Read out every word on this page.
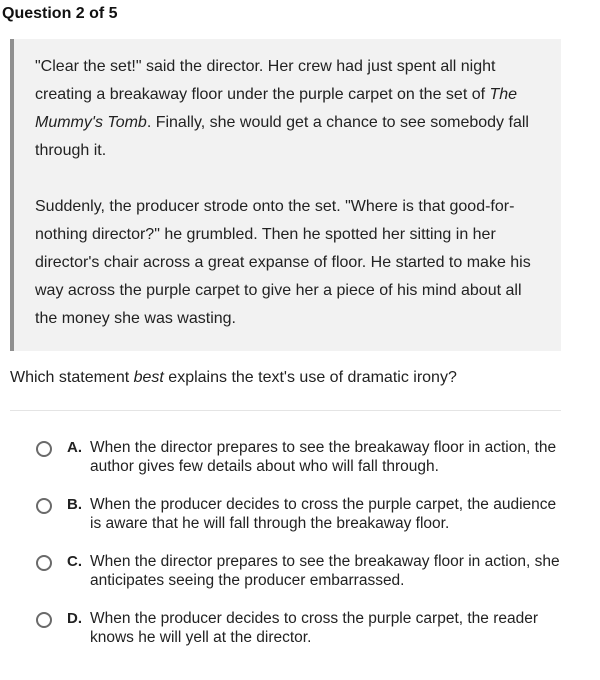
Question 2 of 5

"Clear the set!" said the director. Her crew had just spent all night creating a breakaway floor under the purple carpet on the set of The Mummy's Tomb. Finally, she would get a chance to see somebody fall through it.

Suddenly, the producer strode onto the set. "Where is that good-for-nothing director?" he grumbled. Then he spotted her sitting in her director's chair across a great expanse of floor. He started to make his way across the purple carpet to give her a piece of his mind about all the money she was wasting.

Which statement best explains the text's use of dramatic irony?
A. When the director prepares to see the breakaway floor in action, the author gives few details about who will fall through.
B. When the producer decides to cross the purple carpet, the audience is aware that he will fall through the breakaway floor.
C. When the director prepares to see the breakaway floor in action, she anticipates seeing the producer embarrassed.
D. When the producer decides to cross the purple carpet, the reader knows he will yell at the director.
